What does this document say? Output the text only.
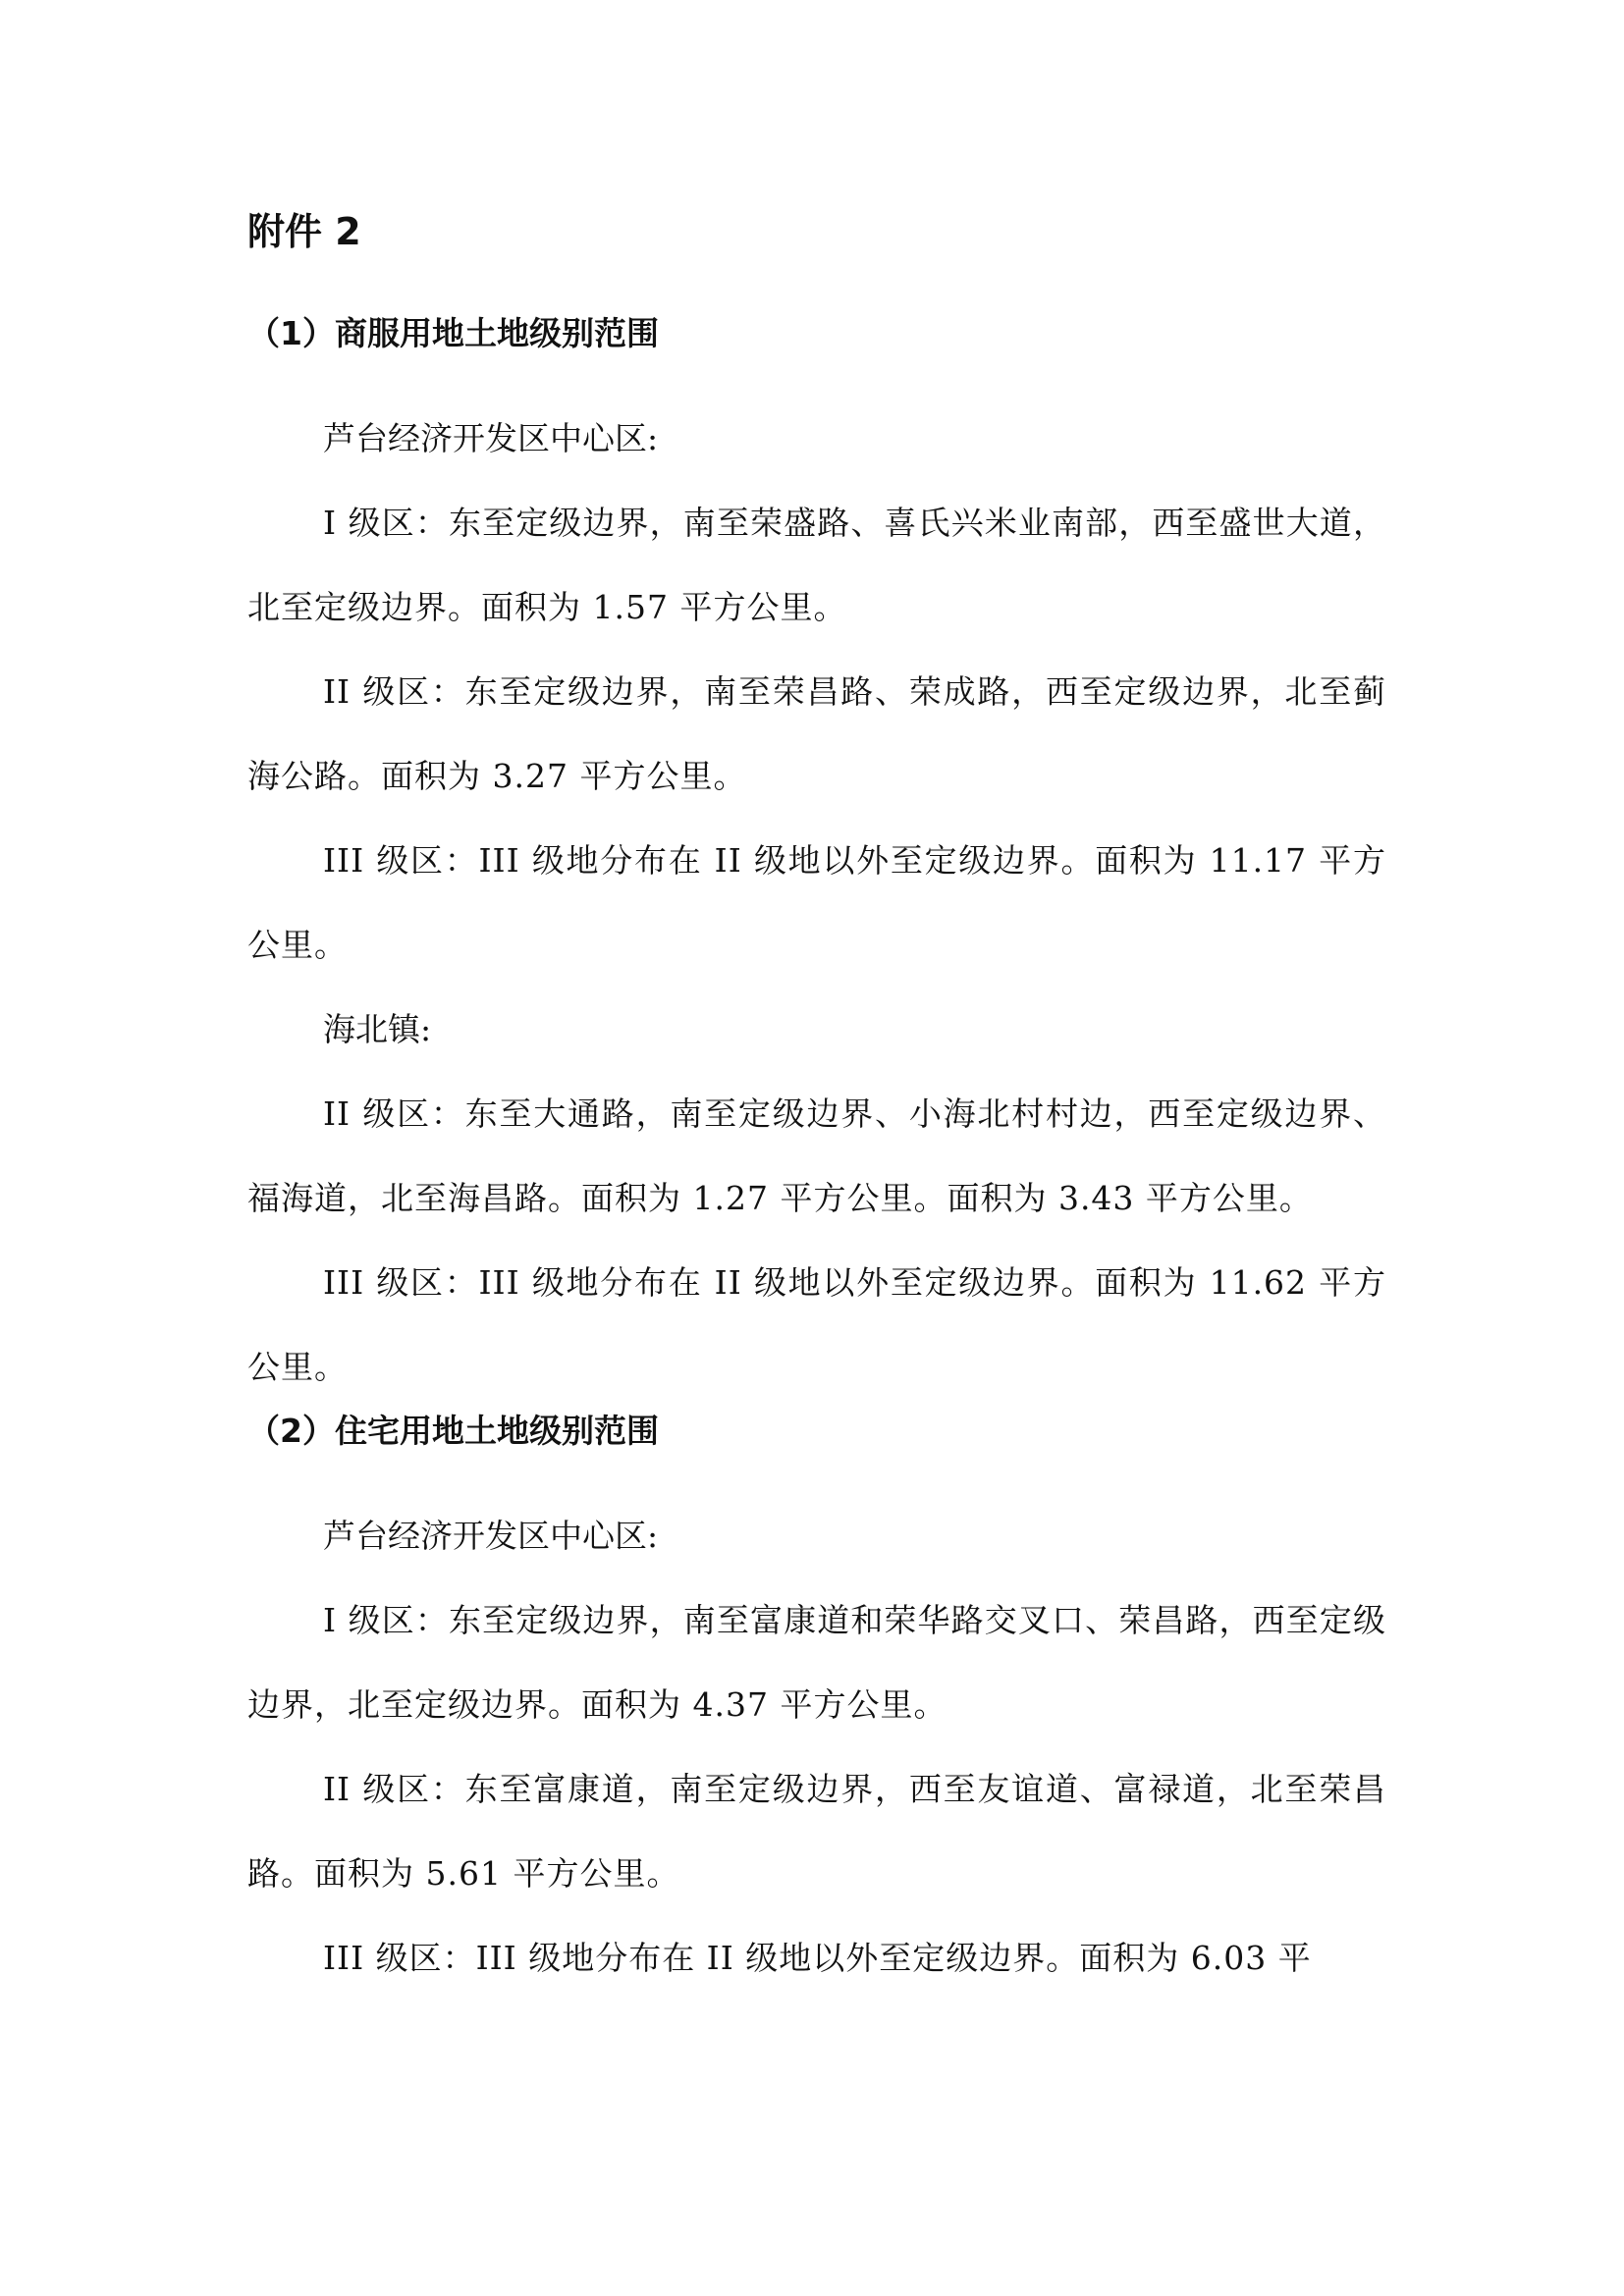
附件 2
（1）商服用地土地级别范围

芦台经济开发区中心区:

I 级区：东至定级边界，南至荣盛路、喜氏兴米业南部，西至盛世大道，北至定级边界。面积为 1.57 平方公里。

II 级区：东至定级边界，南至荣昌路、荣成路，西至定级边界，北至蓟海公路。面积为 3.27 平方公里。

III 级区：III 级地分布在 II 级地以外至定级边界。面积为 11.17 平方公里。

海北镇:

II 级区：东至大通路，南至定级边界、小海北村村边，西至定级边界、福海道，北至海昌路。面积为 1.27 平方公里。面积为 3.43 平方公里。

III 级区：III 级地分布在 II 级地以外至定级边界。面积为 11.62 平方公里。

（2）住宅用地土地级别范围

芦台经济开发区中心区:

I 级区：东至定级边界，南至富康道和荣华路交叉口、荣昌路，西至定级边界，北至定级边界。面积为 4.37 平方公里。

II 级区：东至富康道，南至定级边界，西至友谊道、富禄道，北至荣昌路。面积为 5.61 平方公里。

III 级区：III 级地分布在 II 级地以外至定级边界。面积为 6.03 平
